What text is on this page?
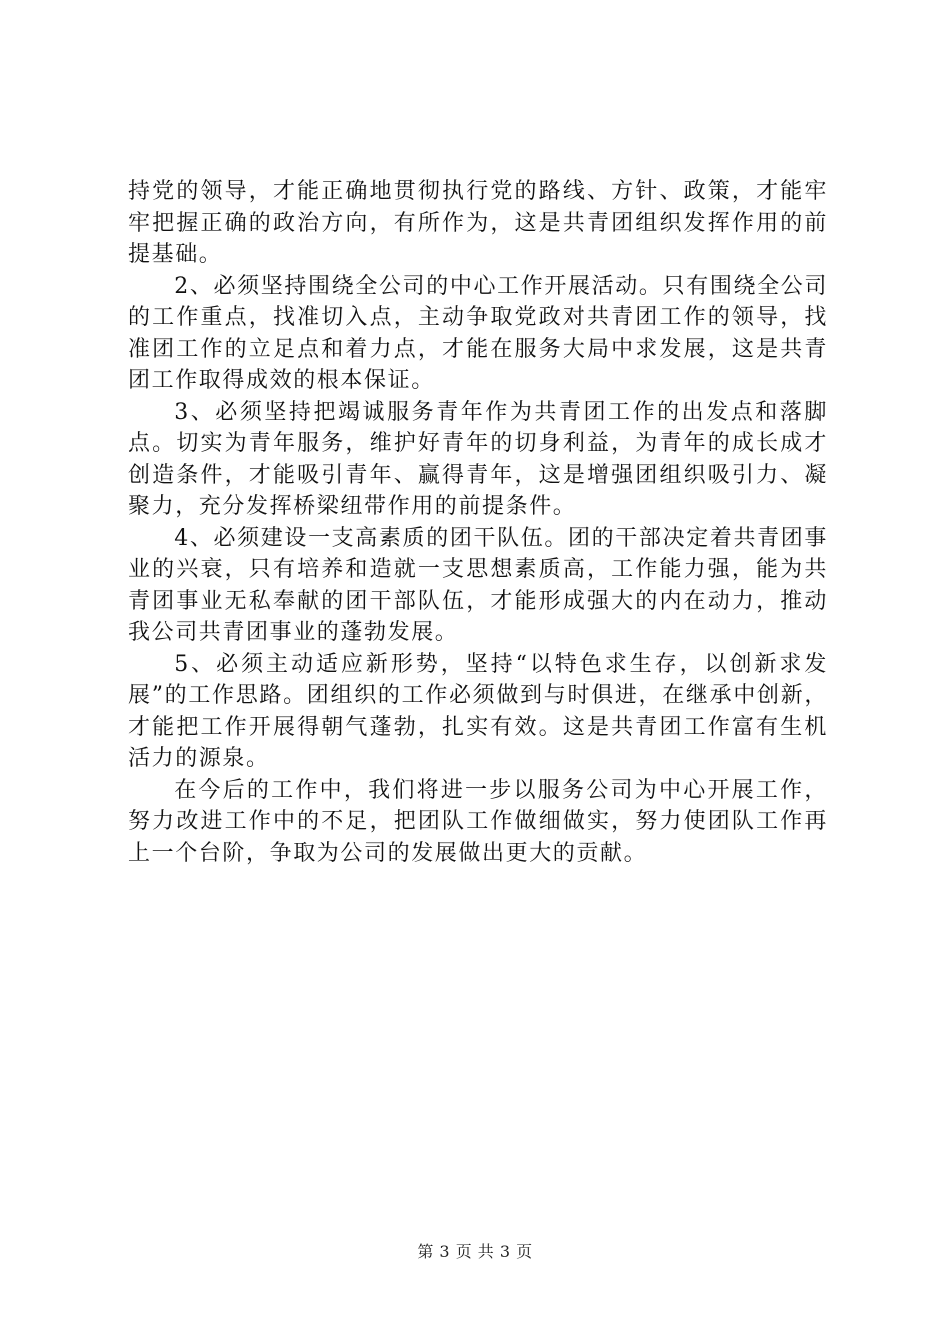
持党的领导，才能正确地贯彻执行党的路线、方针、政策，才能牢牢把握正确的政治方向，有所作为，这是共青团组织发挥作用的前提基础。

2、必须坚持围绕全公司的中心工作开展活动。只有围绕全公司的工作重点，找准切入点，主动争取党政对共青团工作的领导，找准团工作的立足点和着力点，才能在服务大局中求发展，这是共青团工作取得成效的根本保证。

3、必须坚持把竭诚服务青年作为共青团工作的出发点和落脚点。切实为青年服务，维护好青年的切身利益，为青年的成长成才创造条件，才能吸引青年、赢得青年，这是增强团组织吸引力、凝聚力，充分发挥桥梁纽带作用的前提条件。

4、必须建设一支高素质的团干队伍。团的干部决定着共青团事业的兴衰，只有培养和造就一支思想素质高，工作能力强，能为共青团事业无私奉献的团干部队伍，才能形成强大的内在动力，推动我公司共青团事业的蓬勃发展。

5、必须主动适应新形势，坚持“以特色求生存，以创新求发展”的工作思路。团组织的工作必须做到与时俱进，在继承中创新，才能把工作开展得朝气蓬勃，扎实有效。这是共青团工作富有生机活力的源泉。

在今后的工作中，我们将进一步以服务公司为中心开展工作，努力改进工作中的不足，把团队工作做细做实，努力使团队工作再上一个台阶，争取为公司的发展做出更大的贡献。

第 3 页 共 3 页
